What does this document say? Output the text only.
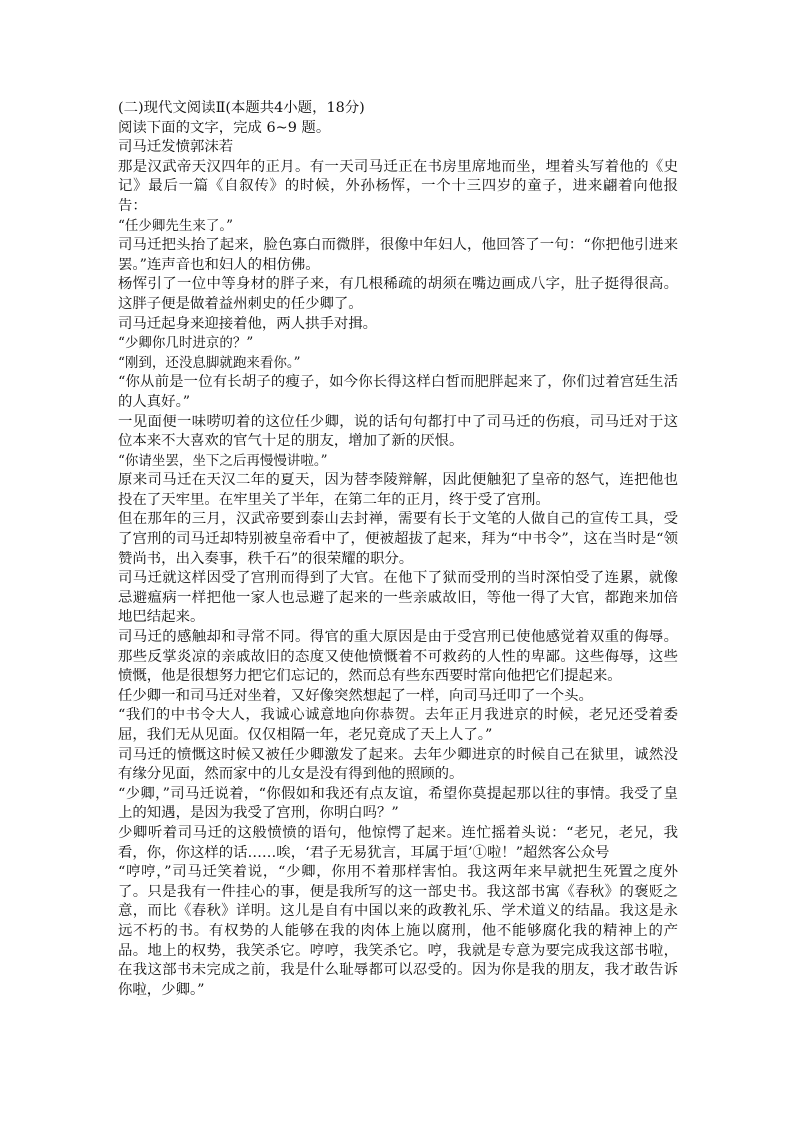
(二)现代文阅读Ⅱ(本题共4小题，18分)

阅读下面的文字，完成 6~9 题。

司马迁发愤郭沫若

那是汉武帝天汉四年的正月。有一天司马迁正在书房里席地而坐，埋着头写着他的《史记》最后一篇《自叙传》的时候，外孙杨恽，一个十三四岁的童子，进来翩着向他报告：

“任少卿先生来了。”

司马迁把头抬了起来，脸色寡白而微胖，很像中年妇人，他回答了一句：“你把他引进来罢。”连声音也和妇人的相仿佛。

杨恽引了一位中等身材的胖子来，有几根稀疏的胡须在嘴边画成八字，肚子挺得很高。这胖子便是做着益州刺史的任少卿了。

司马迁起身来迎接着他，两人拱手对揖。

“少卿你几时进京的？”

“刚到，还没息脚就跑来看你。”

“你从前是一位有长胡子的瘦子，如今你长得这样白皙而肥胖起来了，你们过着宫廷生活的人真好。”

一见面便一味唠叨着的这位任少卿，说的话句句都打中了司马迁的伤痕，司马迁对于这位本来不大喜欢的官气十足的朋友，增加了新的厌恨。

“你请坐罢，坐下之后再慢慢讲啦。”

原来司马迁在天汉二年的夏天，因为替李陵辩解，因此便触犯了皇帝的怒气，连把他也投在了天牢里。在牢里关了半年，在第二年的正月，终于受了宫刑。

但在那年的三月，汉武帝要到泰山去封禅，需要有长于文笔的人做自己的宣传工具，受了宫刑的司马迁却特别被皇帝看中了，便被超拔了起来，拜为“中书令”，这在当时是“领赞尚书，出入奏事，秩千石”的很荣耀的职分。

司马迁就这样因受了宫刑而得到了大官。在他下了狱而受刑的当时深怕受了连累，就像忌避瘟病一样把他一家人也忌避了起来的一些亲戚故旧，等他一得了大官，都跑来加倍地巴结起来。

司马迁的感触却和寻常不同。得官的重大原因是由于受宫刑已使他感觉着双重的侮辱。那些反掌炎凉的亲戚故旧的态度又使他愤慨着不可救药的人性的卑鄙。这些侮辱，这些愤慨，他是很想努力把它们忘记的，然而总有些东西要时常向他把它们提起来。

任少卿一和司马迁对坐着，又好像突然想起了一样，向司马迁叩了一个头。

“我们的中书令大人，我诚心诚意地向你恭贺。去年正月我进京的时候，老兄还受着委屈，我们无从见面。仅仅相隔一年，老兄竟成了天上人了。”

司马迁的愤慨这时候又被任少卿激发了起来。去年少卿进京的时候自己在狱里，诚然没有缘分见面，然而家中的儿女是没有得到他的照顾的。

“少卿，”司马迁说着，“你假如和我还有点友谊，希望你莫提起那以往的事情。我受了皇上的知遇，是因为我受了宫刑，你明白吗？”

少卿听着司马迁的这般愤愤的语句，他惊愕了起来。连忙摇着头说：“老兄，老兄，我看，你，你这样的话……唉，‘君子无易犹言，耳属于垣’①啦！”超然客公众号

“哼哼，”司马迁笑着说，“少卿，你用不着那样害怕。我这两年来早就把生死置之度外了。只是我有一件挂心的事，便是我所写的这一部史书。我这部书寓《春秋》的褒贬之意，而比《春秋》详明。这儿是自有中国以来的政教礼乐、学术道义的结晶。我这是永远不朽的书。有权势的人能够在我的肉体上施以腐刑，他不能够腐化我的精神上的产品。地上的权势，我笑杀它。哼哼，我笑杀它。哼，我就是专意为要完成我这部书啦，在我这部书未完成之前，我是什么耻辱都可以忍受的。因为你是我的朋友，我才敢告诉你啦，少卿。”
